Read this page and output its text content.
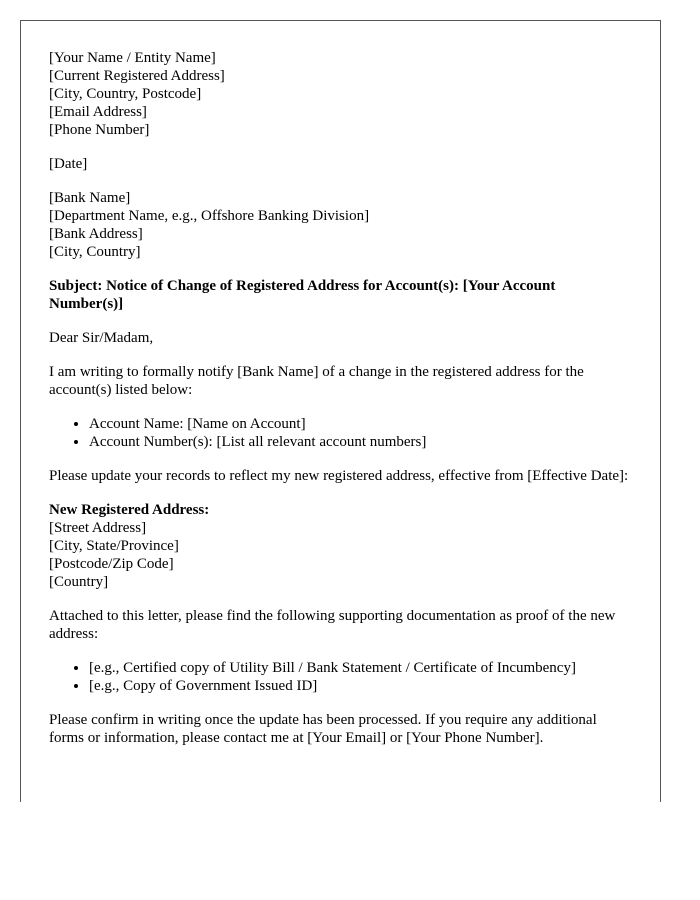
[Your Name / Entity Name]
[Current Registered Address]
[City, Country, Postcode]
[Email Address]
[Phone Number]
[Date]
[Bank Name]
[Department Name, e.g., Offshore Banking Division]
[Bank Address]
[City, Country]
Subject: Notice of Change of Registered Address for Account(s): [Your Account Number(s)]

Dear Sir/Madam,

I am writing to formally notify [Bank Name] of a change in the registered address for the account(s) listed below:

• Account Name: [Name on Account]
• Account Number(s): [List all relevant account numbers]

Please update your records to reflect my new registered address, effective from [Effective Date]:

New Registered Address:
[Street Address]
[City, State/Province]
[Postcode/Zip Code]
[Country]

Attached to this letter, please find the following supporting documentation as proof of the new address:

• [e.g., Certified copy of Utility Bill / Bank Statement / Certificate of Incumbency]
• [e.g., Copy of Government Issued ID]

Please confirm in writing once the update has been processed. If you require any additional forms or information, please contact me at [Your Email] or [Your Phone Number].
